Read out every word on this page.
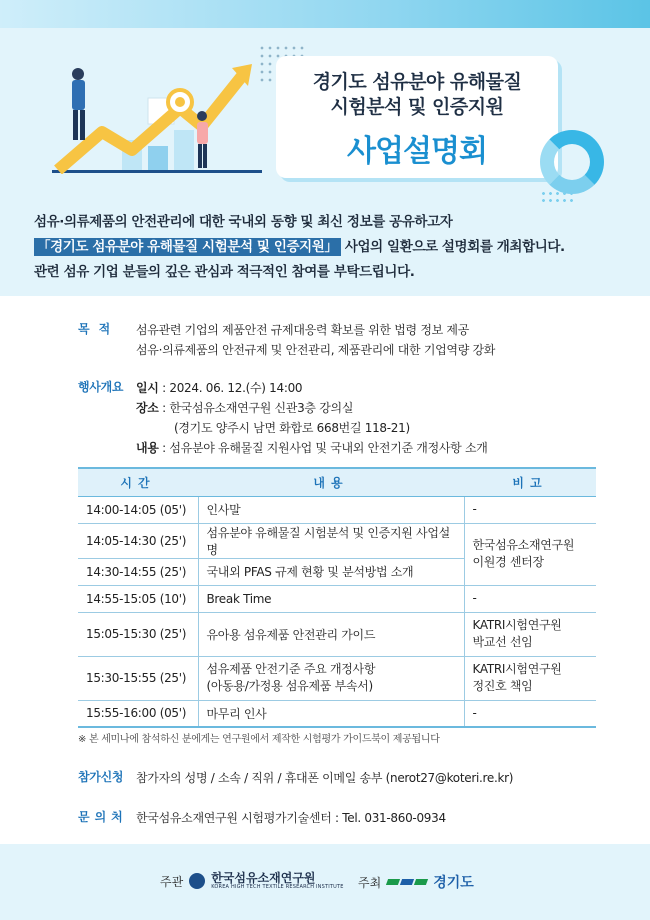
경기도 섬유분야 유해물질
시험분석 및 인증지원
사업설명회
섬유·의류제품의 안전관리에 대한 국내외 동향 및 최신 정보를 공유하고자
「경기도 섬유분야 유해물질 시험분석 및 인증지원」 사업의 일환으로 설명회를 개최합니다.
관련 섬유 기업 분들의 깊은 관심과 적극적인 참여를 부탁드립니다.
목적	섬유관련 기업의 제품안전 규제대응력 확보를 위한 법령 정보 제공
섬유·의류제품의 안전규제 및 안전관리, 제품관리에 대한 기업역량 강화
행사개요	일시 : 2024. 06. 12.(수) 14:00
장소 : 한국섬유소재연구원 신관3층 강의실
(경기도 양주시 남면 화합로 668번길 118-21)
내용 : 섬유분야 유해물질 지원사업 및 국내외 안전기준 개정사항 소개
시간	내용	비고
14:00-14:05 (05')	인사말	-
14:05-14:30 (25')	섬유분야 유해물질 시험분석 및 인증지원 사업설명	한국섬유소재연구원
이원경 센터장
14:30-14:55 (25')	국내외 PFAS 규제 현황 및 분석방법 소개	
14:55-15:05 (10')	Break Time	-
15:05-15:30 (25')	유아용 섬유제품 안전관리 가이드	KATRI시험연구원
박교선 선임
15:30-15:55 (25')	섬유제품 안전기준 주요 개정사항
(아동용/가정용 섬유제품 부속서)	KATRI시험연구원
정진호 책임
15:55-16:00 (05')	마무리 인사	-
※ 본 세미나에 참석하신 분에게는 연구원에서 제작한 시험평가 가이드북이 제공됩니다
참가신청	참가자의 성명 / 소속 / 직위 / 휴대폰 이메일 송부 (nerot27@koteri.re.kr)
문의처 한국섬유소재연구원 시험평가기술센터 : Tel. 031-860-0934
주관 한국섬유소재연구원
KOREA HIGH TECH TEXTILE RESEARCH INSTITUTE 주최	경기도
